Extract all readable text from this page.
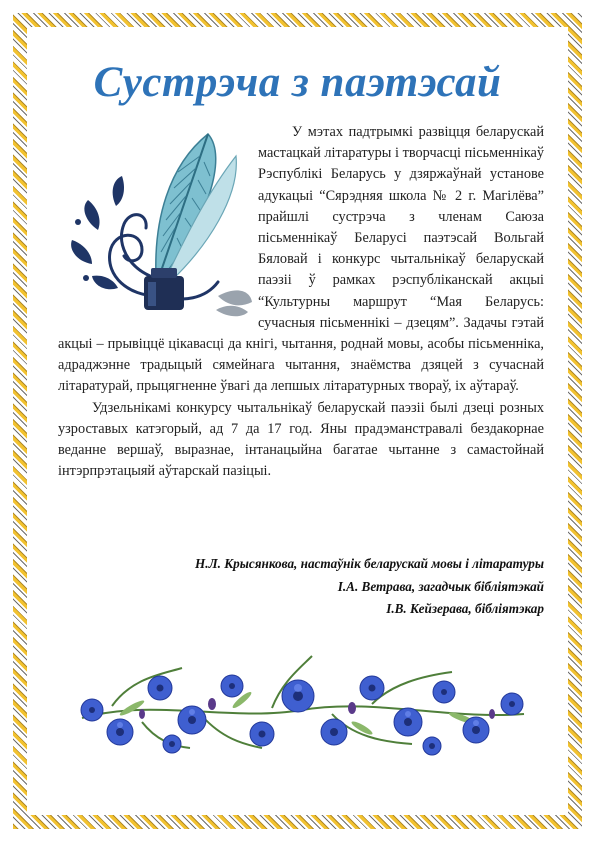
Сустрэча з паэтэсай

У мэтах падтрымкі развіцця беларускай мастацкай літаратуры і творчасці пісьменнікаў Рэспублікі Беларусь у дзяржаўнай установе адукацыі “Сярэдняя школа № 2 г. Магілёва” прайшлі сустрэча з членам Саюза пісьменнікаў Беларусі паэтэсай Вольгай Бяловай і конкурс чытальнікаў беларускай паэзіі ў рамках рэспубліканскай акцыі “Культурны маршрут “Мая Беларусь: сучасныя пісьменнікі – дзецям”. Задачы гэтай акцыі – прывіццё цікавасці да кнігі, чытання, роднай мовы, асобы пісьменніка, адраджэнне традыцый сямейнага чытання, знаёмства дзяцей з сучаснай літаратурай, прыцягненне ўвагі да лепшых літаратурных твораў, іх аўтараў.

Удзельнікамі конкурсу чытальнікаў беларускай паэзіі былі дзеці розных узроставых катэгорый, ад 7 да 17 год. Яны прадэманстравалі бездакорнае веданне вершаў, выразнае, інтанацыйна багатае чытанне з самастойнай інтэрпрэтацыяй аўтарскай пазіцыі.

Н.Л. Крысянкова, настаўнік беларускай мовы і літаратуры
І.А. Ветрава, загадчык бібліятэкай
І.В. Кейзерава, бібліятэкар
